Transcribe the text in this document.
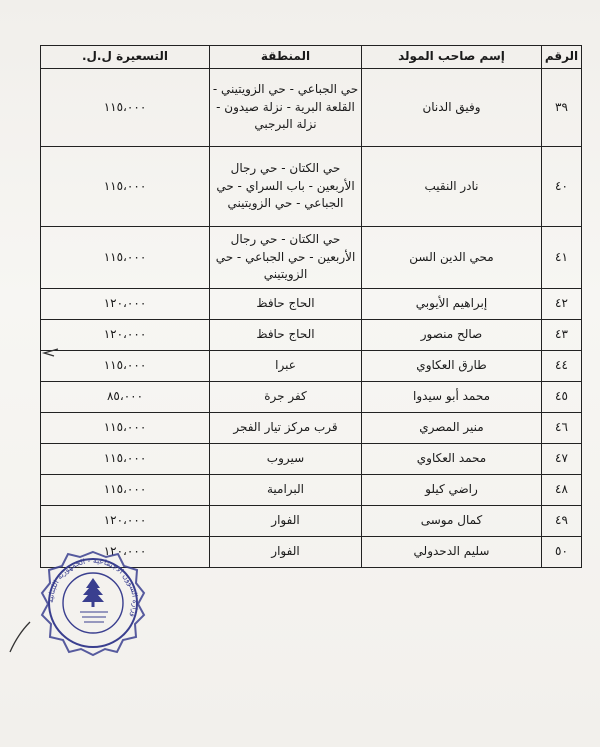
الرقم	إسم صاحب المولد	المنطقة	التسعيرة ل.ل.
٣٩	وفيق الدنان	حي الجباعي - حي الزويتيني - القلعة البرية - نزلة صيدون - نزلة البرجبي	١١٥،٠٠٠
٤٠	نادر النقيب	حي الكتان - حي رجال الأربعين - باب السراي - حي الجباعي - حي الزويتيني	١١٥،٠٠٠
٤١	محي الدين السن	حي الكتان - حي رجال الأربعين - حي الجباعي - حي الزويتيني	١١٥،٠٠٠
٤٢	إبراهيم الأيوبي	الحاج حافظ	١٢٠،٠٠٠
٤٣	صالح منصور	الحاج حافظ	١٢٠،٠٠٠
٤٤	طارق العكاوي	عبرا	١١٥،٠٠٠
٤٥	محمد أبو سيدوا	كفر جرة	٨٥،٠٠٠
٤٦	منير المصري	قرب مركز تيار الفجر	١١٥،٠٠٠
٤٧	محمد العكاوي	سيروب	١١٥،٠٠٠
٤٨	راضي كيلو	البرامية	١١٥،٠٠٠
٤٩	كمال موسى	الفوار	١٢٠،٠٠٠
٥٠	سليم الدحدولي	الفوار	١٢٠،٠٠٠
وزارة الشؤون الاجتماعية - الجمهورية اللبنانية
